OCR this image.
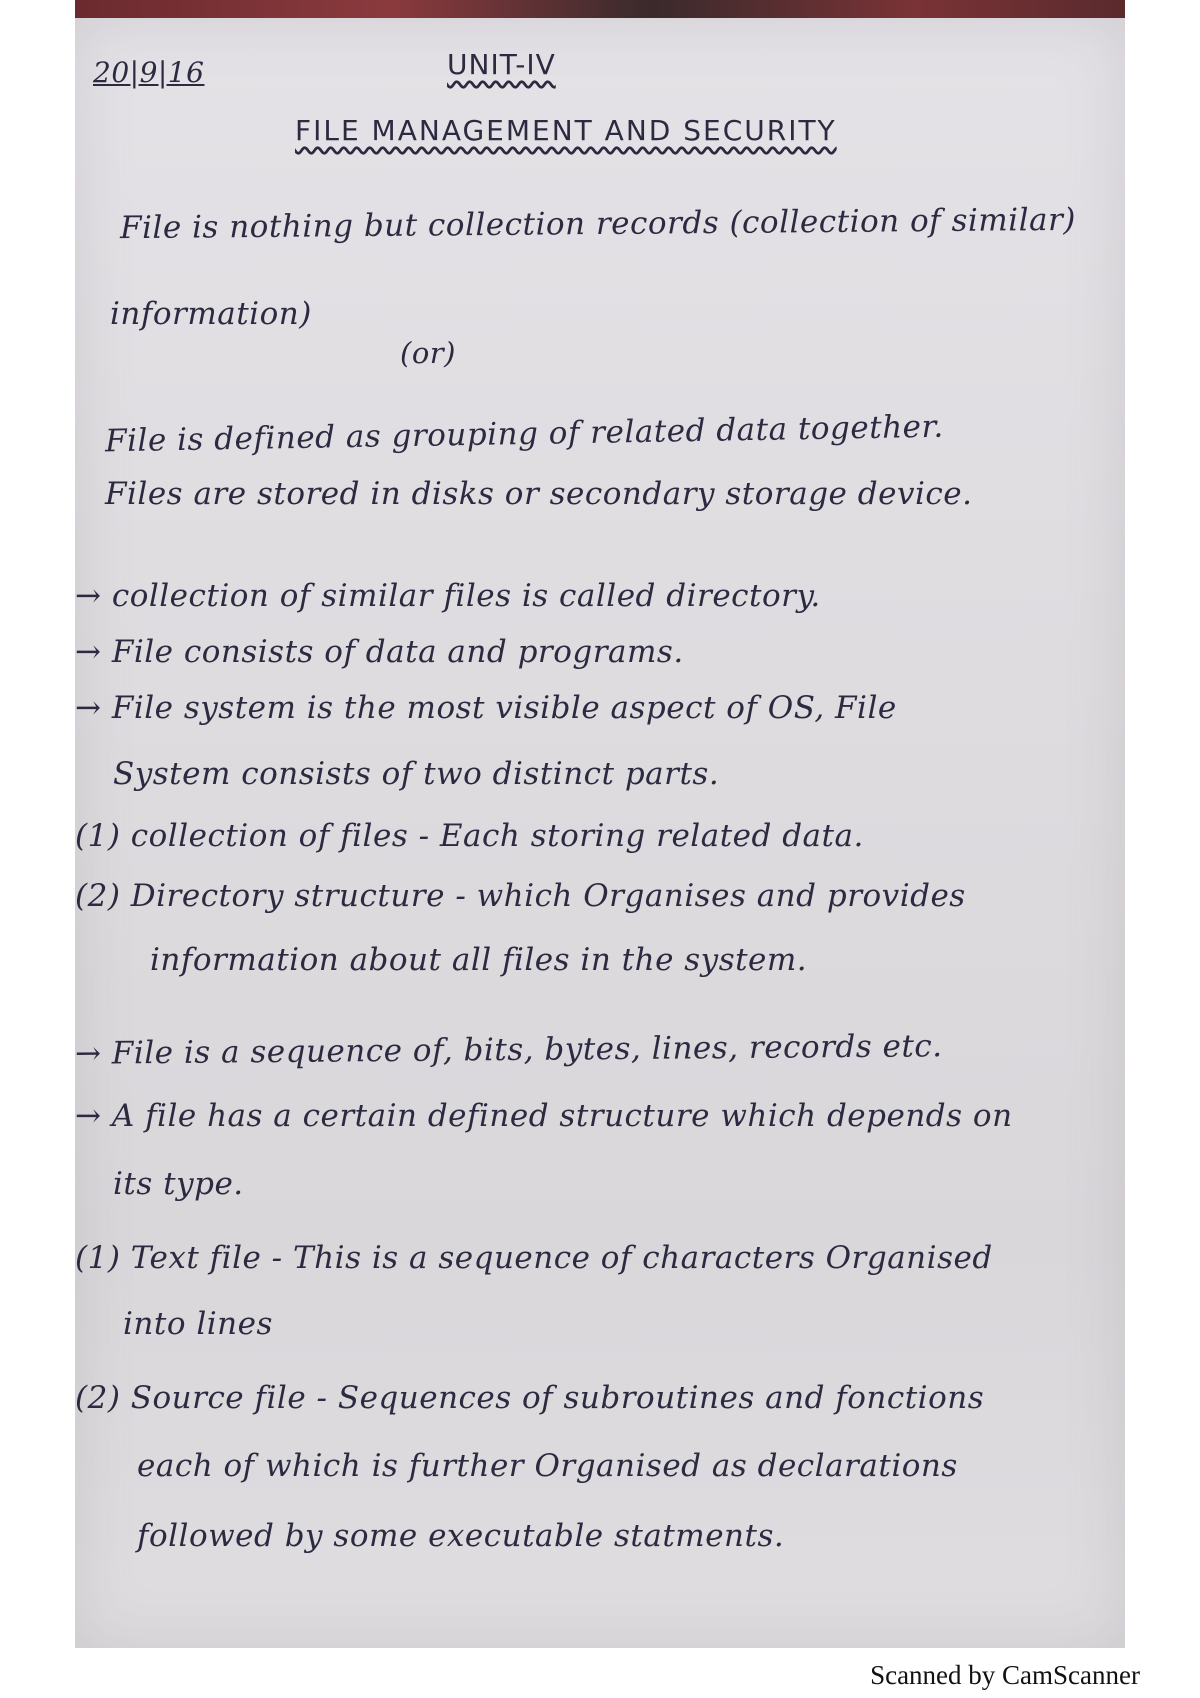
20|9|16	UNIT-IV
FILE MANAGEMENT AND SECURITY
File is nothing but collection records (collection of similar)
information)
(or)
File is defined as grouping of related data together.
Files are stored in disks or secondary storage device.
→ collection of similar files is called directory.
→ File consists of data and programs.
→ File system is the most visible aspect of OS, File
System consists of two distinct parts.
(1) collection of files - Each storing related data.
(2) Directory structure - which Organises and provides
information about all files in the system.
→ File is a sequence of, bits, bytes, lines, records etc.
→ A file has a certain defined structure which depends on
its type.
(1) Text file - This is a sequence of characters Organised
into lines
(2) Source file - Sequences of subroutines and fonctions
each of which is further Organised as declarations
followed by some executable statments.
Scanned by CamScanner
